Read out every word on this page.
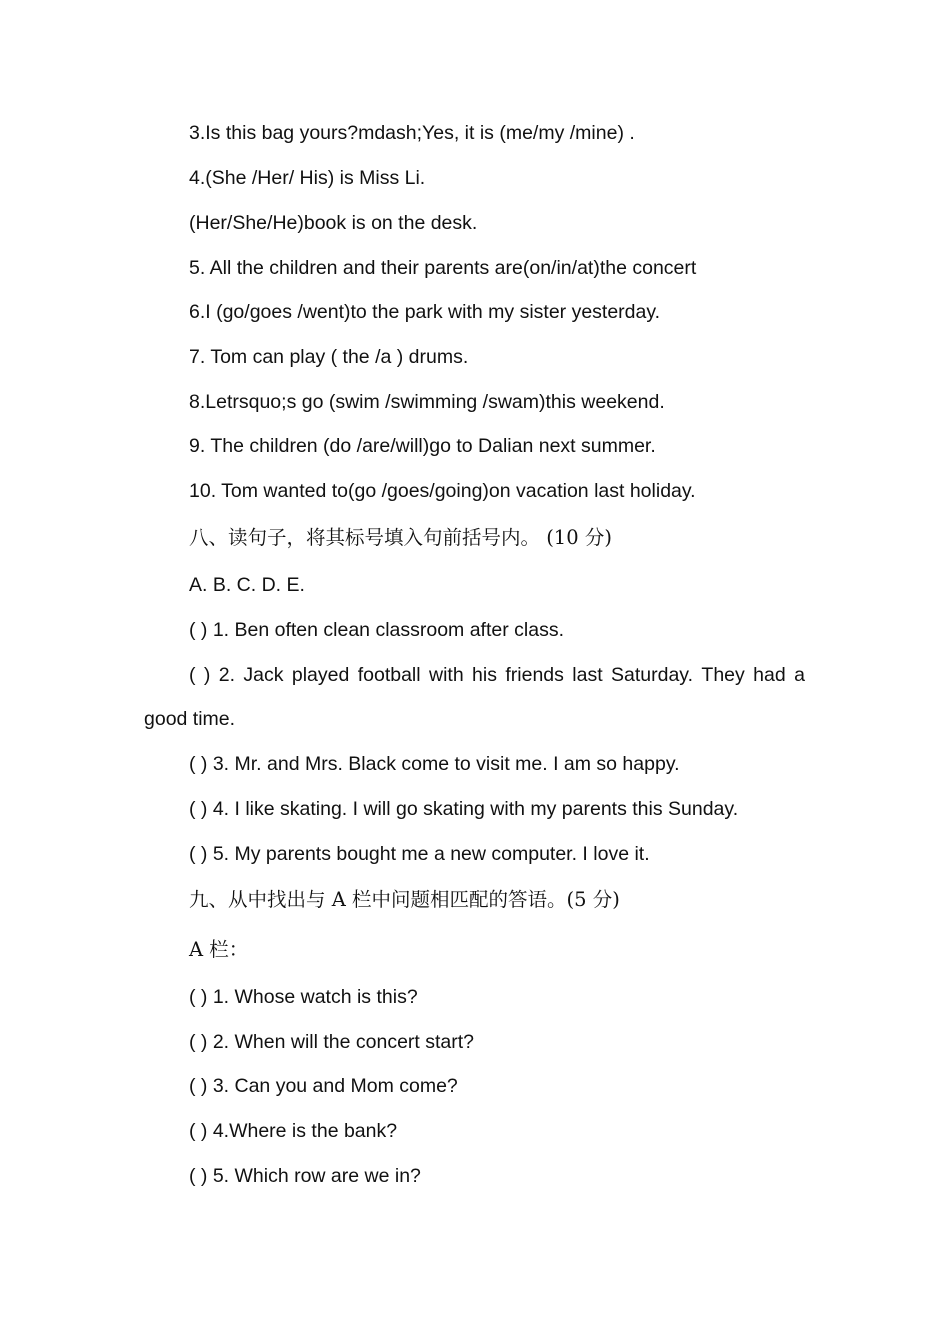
3.Is this bag yours?mdash;Yes, it is (me/my /mine) .

4.(She /Her/ His) is Miss Li.

(Her/She/He)book is on the desk.

5. All the children and their parents are(on/in/at)the concert

6.I (go/goes /went)to the park with my sister yesterday.

7. Tom can play ( the /a ) drums.

8.Letrsquo;s go (swim /swimming /swam)this weekend.

9. The children (do /are/will)go to Dalian next summer.

10. Tom wanted to(go /goes/going)on vacation last holiday.

八、读句子，将其标号填入句前括号内。 (10 分)

A. B. C. D. E.

( ) 1. Ben often clean classroom after class.

( ) 2. Jack played football with his friends last Saturday. They had a

good time.

( ) 3. Mr. and Mrs. Black come to visit me. I am so happy.

( ) 4. I like skating. I will go skating with my parents this Sunday.

( ) 5. My parents bought me a new computer. I love it.

九、从中找出与 A 栏中问题相匹配的答语。(5 分)

A 栏：

( ) 1. Whose watch is this?

( ) 2. When will the concert start?

( ) 3. Can you and Mom come?

( ) 4.Where is the bank?

( ) 5. Which row are we in?
